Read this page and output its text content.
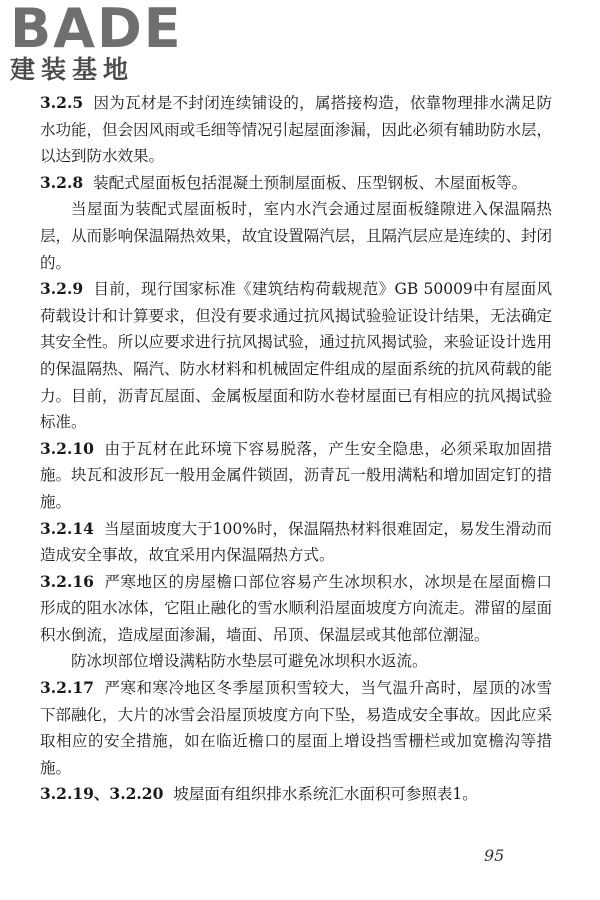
BADE
建装基地

3.2.5 因为瓦材是不封闭连续铺设的，属搭接构造，依靠物理排水满足防水功能，但会因风雨或毛细等情况引起屋面渗漏，因此必须有辅助防水层，以达到防水效果。

3.2.8 装配式屋面板包括混凝土预制屋面板、压型钢板、木屋面板等。

当屋面为装配式屋面板时，室内水汽会通过屋面板缝隙进入保温隔热层，从而影响保温隔热效果，故宜设置隔汽层，且隔汽层应是连续的、封闭的。

3.2.9 目前，现行国家标准《建筑结构荷载规范》GB 50009中有屋面风荷载设计和计算要求，但没有要求通过抗风揭试验验证设计结果，无法确定其安全性。所以应要求进行抗风揭试验，通过抗风揭试验，来验证设计选用的保温隔热、隔汽、防水材料和机械固定件组成的屋面系统的抗风荷载的能力。目前，沥青瓦屋面、金属板屋面和防水卷材屋面已有相应的抗风揭试验标准。

3.2.10 由于瓦材在此环境下容易脱落，产生安全隐患，必须采取加固措施。块瓦和波形瓦一般用金属件锁固，沥青瓦一般用满粘和增加固定钉的措施。

3.2.14 当屋面坡度大于100%时，保温隔热材料很难固定，易发生滑动而造成安全事故，故宜采用内保温隔热方式。

3.2.16 严寒地区的房屋檐口部位容易产生冰坝积水，冰坝是在屋面檐口形成的阻水冰体，它阻止融化的雪水顺利沿屋面坡度方向流走。滞留的屋面积水倒流，造成屋面渗漏，墙面、吊顶、保温层或其他部位潮湿。

防冰坝部位增设满粘防水垫层可避免冰坝积水返流。

3.2.17 严寒和寒冷地区冬季屋顶积雪较大，当气温升高时，屋顶的冰雪下部融化，大片的冰雪会沿屋顶坡度方向下坠，易造成安全事故。因此应采取相应的安全措施，如在临近檐口的屋面上增设挡雪栅栏或加宽檐沟等措施。

3.2.19、3.2.20 坡屋面有组织排水系统汇水面积可参照表1。

95
